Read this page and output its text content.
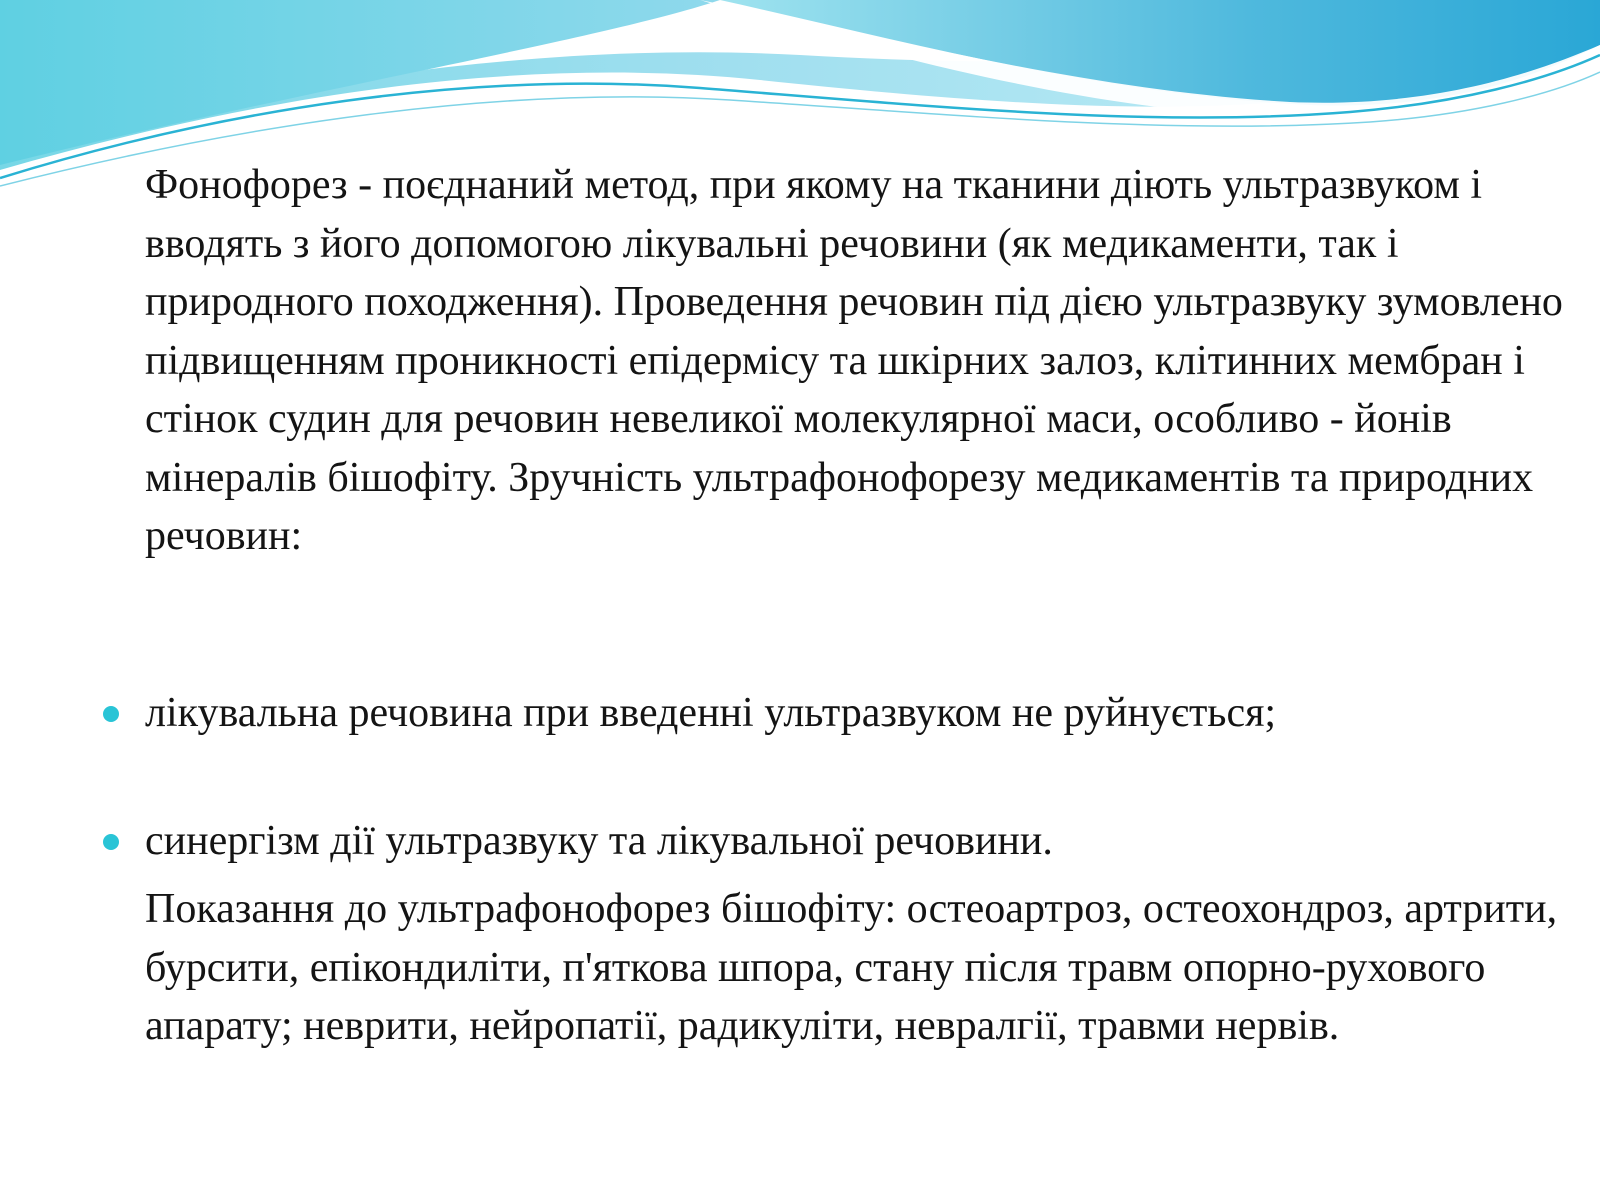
Фонофорез - поєднаний метод, при якому на тканини діють ультразвуком і вводять з його допомогою лікувальні речовини (як медикаменти, так і природного походження). Проведення речовин під дією ультразвуку зумовлено підвищенням проникності епідермісу та шкірних залоз, клітинних мембран і стінок судин для речовин невеликої молекулярної маси, особливо - йонів мінералів бішофіту. Зручність ультрафонофорезу медикаментів та природних речовин:

лікувальна речовина при введенні ультразвуком не руйнується;
синергізм дії ультразвуку та лікувальної речовини.

Показання до ультрафонофорез бішофіту: остеоартроз, остеохондроз, артрити, бурсити, епікондиліти, п'яткова шпора, стану після травм опорно-рухового апарату; неврити, нейропатії, радикуліти, невралгії, травми нервів.
